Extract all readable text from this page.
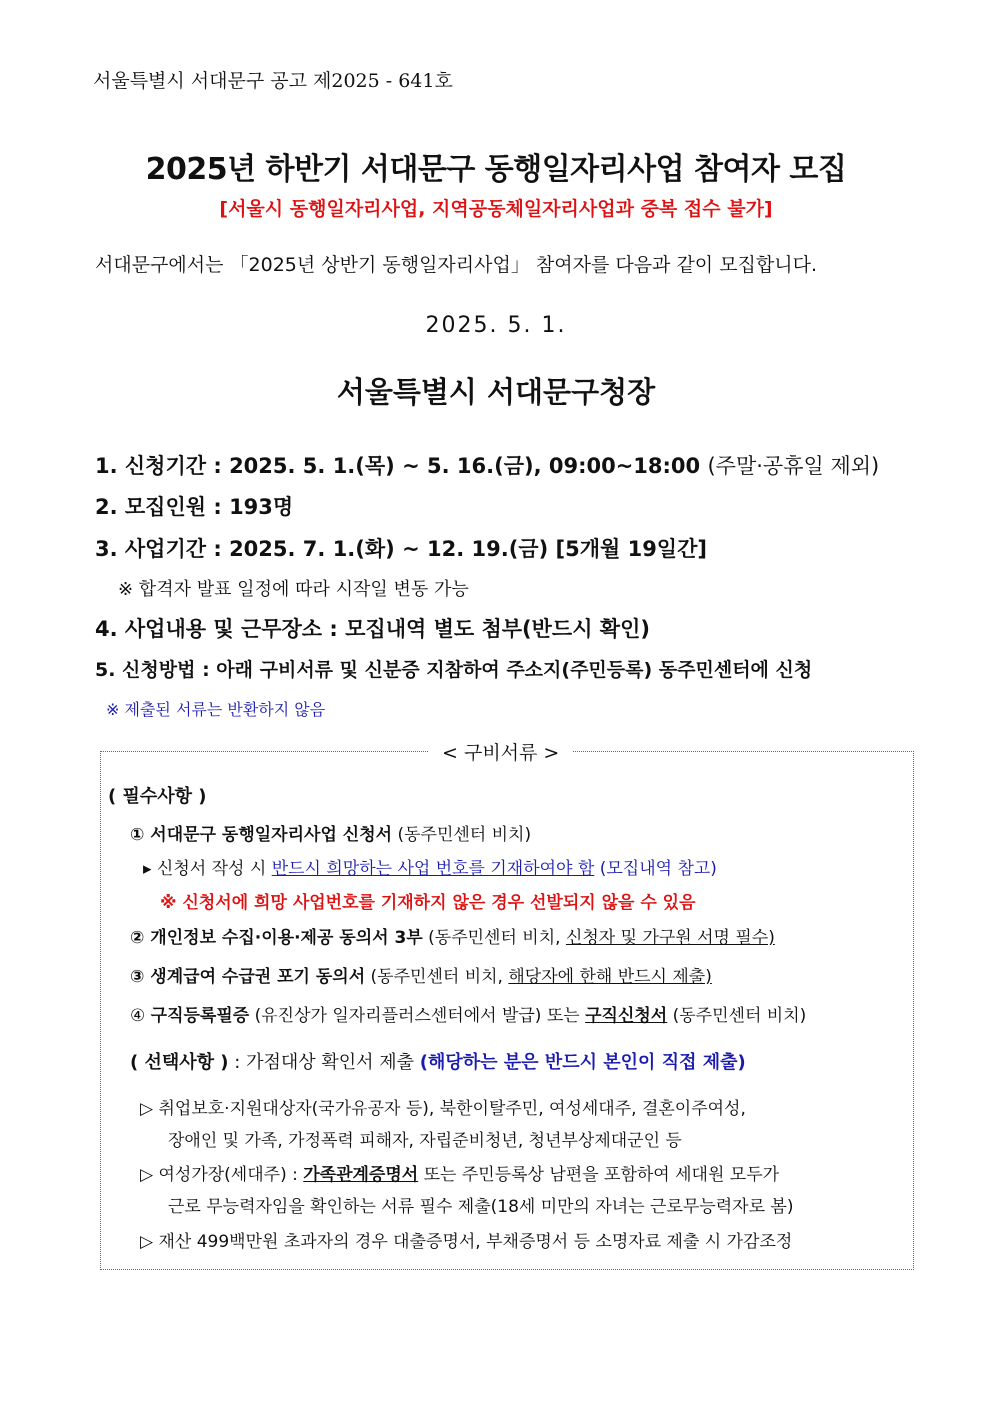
서울특별시 서대문구 공고 제2025 - 641호
2025년 하반기 서대문구 동행일자리사업 참여자 모집
[서울시 동행일자리사업, 지역공동체일자리사업과 중복 접수 불가]
서대문구에서는 「2025년 상반기 동행일자리사업」 참여자를 다음과 같이 모집합니다.
2025. 5. 1.
서울특별시 서대문구청장
1. 신청기간 : 2025. 5. 1.(목) ~ 5. 16.(금), 09:00~18:00 (주말·공휴일 제외)
2. 모집인원 : 193명
3. 사업기간 : 2025. 7. 1.(화) ~ 12. 19.(금) [5개월 19일간]
※ 합격자 발표 일정에 따라 시작일 변동 가능
4. 사업내용 및 근무장소 : 모집내역 별도 첨부(반드시 확인)
5. 신청방법 : 아래 구비서류 및 신분증 지참하여 주소지(주민등록) 동주민센터에 신청
※ 제출된 서류는 반환하지 않음
< 구비서류 >
( 필수사항 )
① 서대문구 동행일자리사업 신청서 (동주민센터 비치)
▸ 신청서 작성 시 반드시 희망하는 사업 번호를 기재하여야 함 (모집내역 참고)
※ 신청서에 희망 사업번호를 기재하지 않은 경우 선발되지 않을 수 있음
② 개인정보 수집·이용·제공 동의서 3부 (동주민센터 비치, 신청자 및 가구원 서명 필수)
③ 생계급여 수급권 포기 동의서 (동주민센터 비치, 해당자에 한해 반드시 제출)
④ 구직등록필증 (유진상가 일자리플러스센터에서 발급) 또는 구직신청서 (동주민센터 비치)
( 선택사항 ) : 가점대상 확인서 제출 (해당하는 분은 반드시 본인이 직접 제출)
▷ 취업보호·지원대상자(국가유공자 등), 북한이탈주민, 여성세대주, 결혼이주여성,
장애인 및 가족, 가정폭력 피해자, 자립준비청년, 청년부상제대군인 등
▷ 여성가장(세대주) : 가족관계증명서 또는 주민등록상 남편을 포함하여 세대원 모두가
근로 무능력자임을 확인하는 서류 필수 제출(18세 미만의 자녀는 근로무능력자로 봄)
▷ 재산 499백만원 초과자의 경우 대출증명서, 부채증명서 등 소명자료 제출 시 가감조정
